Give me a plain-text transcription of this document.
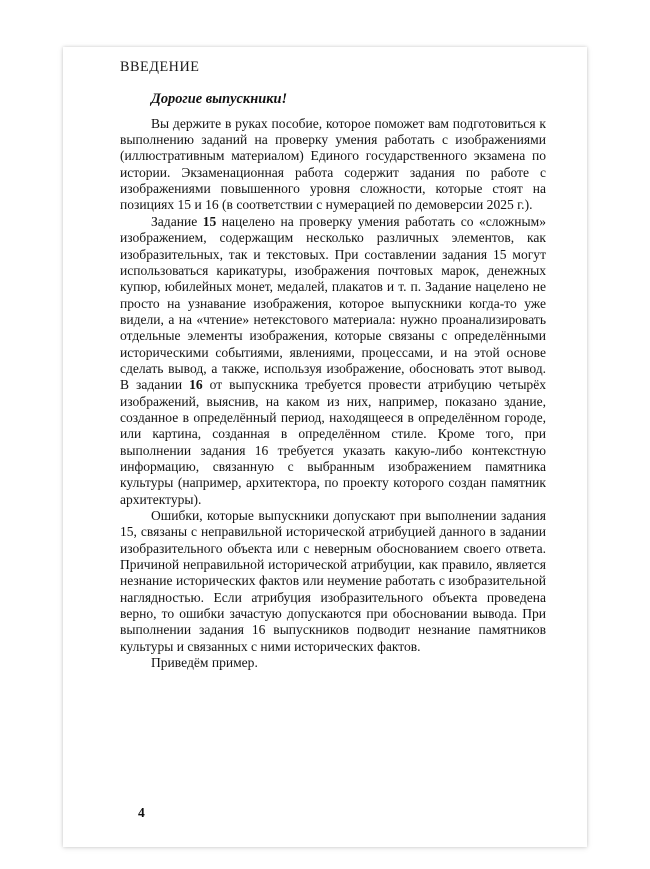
ВВЕДЕНИЕ

Дорогие выпускники!

Вы держите в руках пособие, которое поможет вам подготовиться к выполнению заданий на проверку умения работать с изображениями (иллюстративным материалом) Единого государственного экзамена по истории. Экзаменационная работа содержит задания по работе с изображениями повышенного уровня сложности, которые стоят на позициях 15 и 16 (в соответствии с нумерацией по демоверсии 2025 г.).

Задание 15 нацелено на проверку умения работать со «сложным» изображением, содержащим несколько различных элементов, как изобразительных, так и текстовых. При составлении задания 15 могут использоваться карикатуры, изображения почтовых марок, денежных купюр, юбилейных монет, медалей, плакатов и т. п. Задание нацелено не просто на узнавание изображения, которое выпускники когда-то уже видели, а на «чтение» нетекстового материала: нужно проанализировать отдельные элементы изображения, которые связаны с определёнными историческими событиями, явлениями, процессами, и на этой основе сделать вывод, а также, используя изображение, обосновать этот вывод. В задании 16 от выпускника требуется провести атрибуцию четырёх изображений, выяснив, на каком из них, например, показано здание, созданное в определённый период, находящееся в определённом городе, или картина, созданная в определённом стиле. Кроме того, при выполнении задания 16 требуется указать какую-либо контекстную информацию, связанную с выбранным изображением памятника культуры (например, архитектора, по проекту которого создан памятник архитектуры).

Ошибки, которые выпускники допускают при выполнении задания 15, связаны с неправильной исторической атрибуцией данного в задании изобразительного объекта или с неверным обоснованием своего ответа. Причиной неправильной исторической атрибуции, как правило, является незнание исторических фактов или неумение работать с изобразительной наглядностью. Если атрибуция изобразительного объекта проведена верно, то ошибки зачастую допускаются при обосновании вывода. При выполнении задания 16 выпускников подводит незнание памятников культуры и связанных с ними исторических фактов.

Приведём пример.

4
